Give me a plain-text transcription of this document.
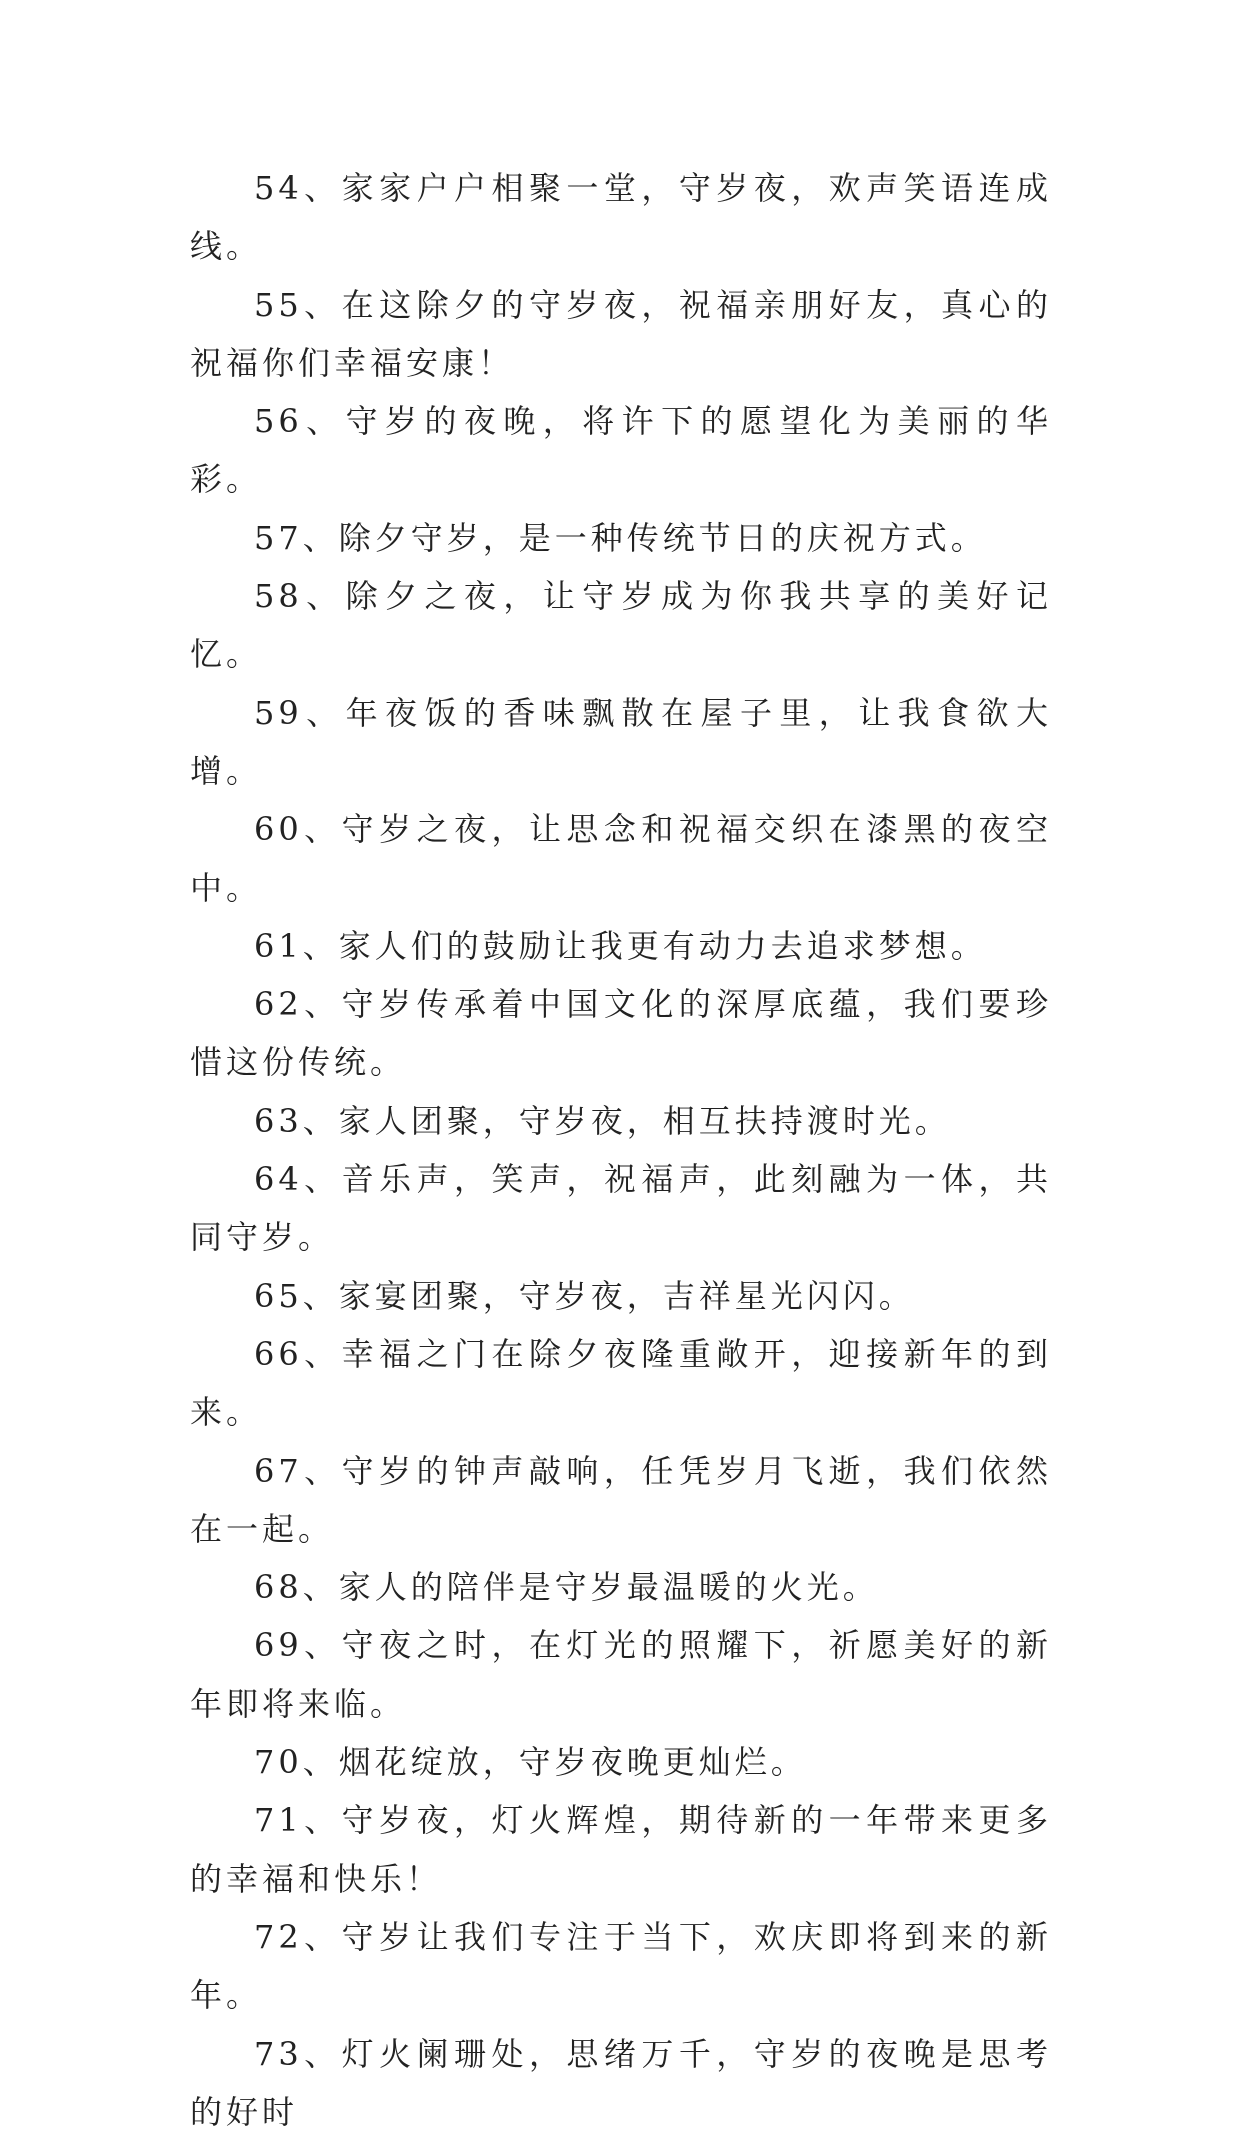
54、家家户户相聚一堂，守岁夜，欢声笑语连成线。

55、在这除夕的守岁夜，祝福亲朋好友，真心的祝福你们幸福安康！

56、守岁的夜晚，将许下的愿望化为美丽的华彩。

57、除夕守岁，是一种传统节日的庆祝方式。

58、除夕之夜，让守岁成为你我共享的美好记忆。

59、年夜饭的香味飘散在屋子里，让我食欲大增。

60、守岁之夜，让思念和祝福交织在漆黑的夜空中。

61、家人们的鼓励让我更有动力去追求梦想。

62、守岁传承着中国文化的深厚底蕴，我们要珍惜这份传统。

63、家人团聚，守岁夜，相互扶持渡时光。

64、音乐声，笑声，祝福声，此刻融为一体，共同守岁。

65、家宴团聚，守岁夜，吉祥星光闪闪。

66、幸福之门在除夕夜隆重敞开，迎接新年的到来。

67、守岁的钟声敲响，任凭岁月飞逝，我们依然在一起。

68、家人的陪伴是守岁最温暖的火光。

69、守夜之时，在灯光的照耀下，祈愿美好的新年即将来临。

70、烟花绽放，守岁夜晚更灿烂。

71、守岁夜，灯火辉煌，期待新的一年带来更多的幸福和快乐！

72、守岁让我们专注于当下，欢庆即将到来的新年。

73、灯火阑珊处，思绪万千，守岁的夜晚是思考的好时
